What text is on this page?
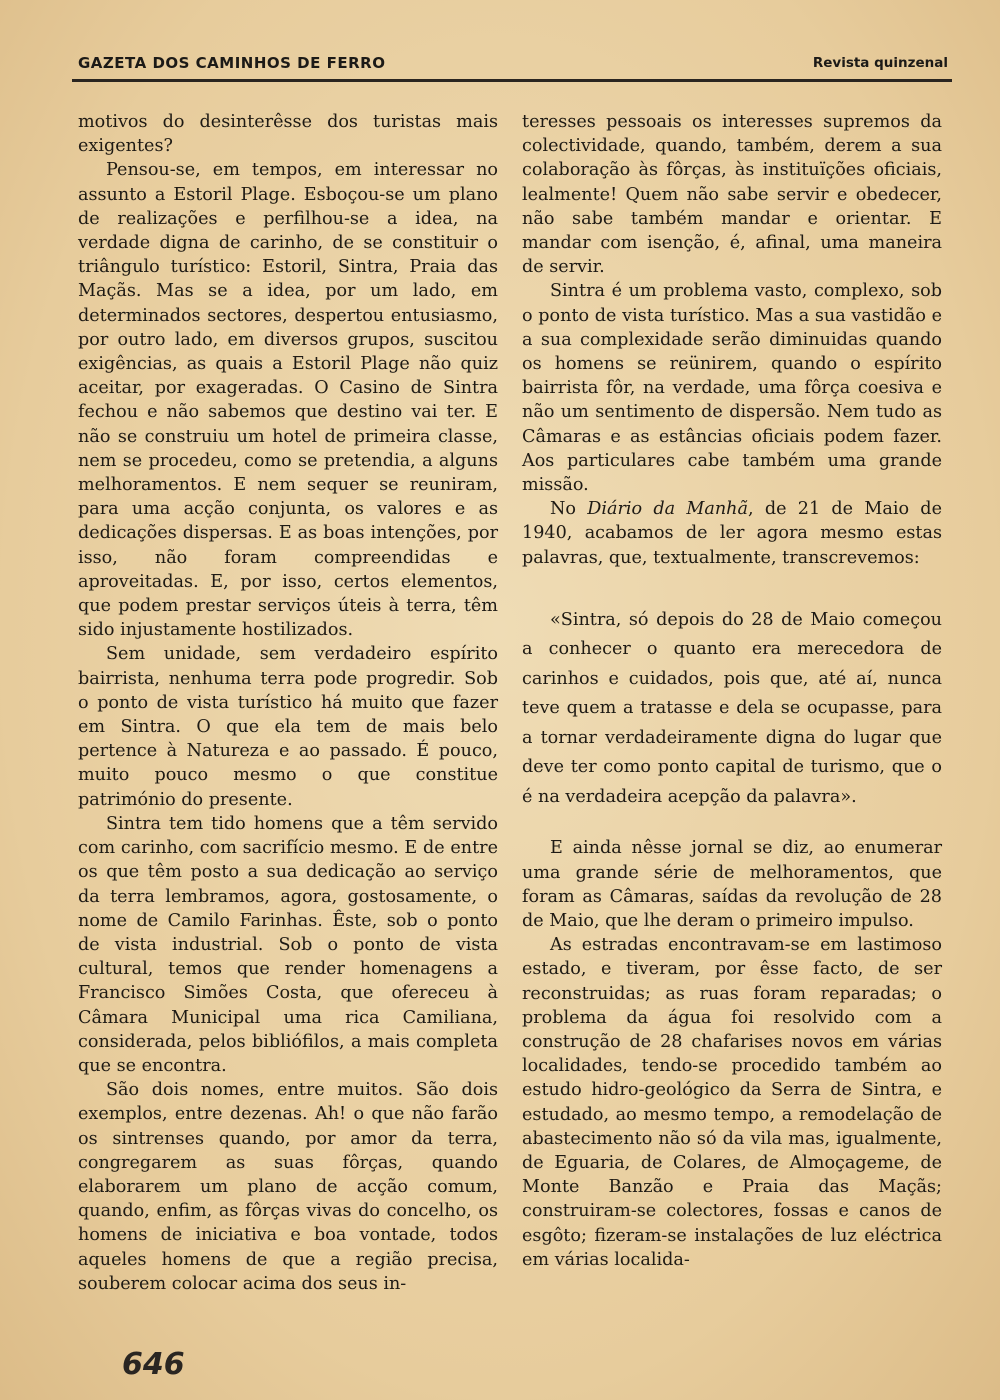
GAZETA DOS CAMINHOS DE FERRO	Revista quinzenal

motivos do desinterêsse dos turistas mais exigentes?

Pensou-se, em tempos, em interessar no assunto a Estoril Plage. Esboçou-se um plano de realizações e perfilhou-se a idea, na verdade digna de carinho, de se constituir o triângulo turístico: Estoril, Sintra, Praia das Maçãs. Mas se a idea, por um lado, em determinados sectores, despertou entusiasmo, por outro lado, em diversos grupos, suscitou exigências, as quais a Estoril Plage não quiz aceitar, por exageradas. O Casino de Sintra fechou e não sabemos que destino vai ter. E não se construiu um hotel de primeira classe, nem se procedeu, como se pretendia, a alguns melhoramentos. E nem sequer se reuniram, para uma acção conjunta, os valores e as dedicações dispersas. E as boas intenções, por isso, não foram compreendidas e aproveitadas. E, por isso, certos elementos, que podem prestar serviços úteis à terra, têm sido injustamente hostilizados.

Sem unidade, sem verdadeiro espírito bairrista, nenhuma terra pode progredir. Sob o ponto de vista turístico há muito que fazer em Sintra. O que ela tem de mais belo pertence à Natureza e ao passado. É pouco, muito pouco mesmo o que constitue património do presente.

Sintra tem tido homens que a têm servido com carinho, com sacrifício mesmo. E de entre os que têm posto a sua dedicação ao serviço da terra lembramos, agora, gostosamente, o nome de Camilo Farinhas. Êste, sob o ponto de vista industrial. Sob o ponto de vista cultural, temos que render homenagens a Francisco Simões Costa, que ofereceu à Câmara Municipal uma rica Camiliana, considerada, pelos bibliófilos, a mais completa que se encontra.

São dois nomes, entre muitos. São dois exemplos, entre dezenas. Ah! o que não farão os sintrenses quando, por amor da terra, congregarem as suas fôrças, quando elaborarem um plano de acção comum, quando, enfim, as fôrças vivas do concelho, os homens de iniciativa e boa vontade, todos aqueles homens de que a região precisa, souberem colocar acima dos seus in-

teresses pessoais os interesses supremos da colectividade, quando, também, derem a sua colaboração às fôrças, às instituïções oficiais, lealmente! Quem não sabe servir e obedecer, não sabe também mandar e orientar. E mandar com isenção, é, afinal, uma maneira de servir.

Sintra é um problema vasto, complexo, sob o ponto de vista turístico. Mas a sua vastidão e a sua complexidade serão diminuidas quando os homens se reünirem, quando o espírito bairrista fôr, na verdade, uma fôrça coesiva e não um sentimento de dispersão. Nem tudo as Câmaras e as estâncias oficiais podem fazer. Aos particulares cabe também uma grande missão.

No Diário da Manhã, de 21 de Maio de 1940, acabamos de ler agora mesmo estas palavras, que, textualmente, transcrevemos:

«Sintra, só depois do 28 de Maio começou a conhecer o quanto era merecedora de carinhos e cuidados, pois que, até aí, nunca teve quem a tratasse e dela se ocupasse, para a tornar verdadeiramente digna do lugar que deve ter como ponto capital de turismo, que o é na verdadeira acepção da palavra».

E ainda nêsse jornal se diz, ao enumerar uma grande série de melhoramentos, que foram as Câmaras, saídas da revolução de 28 de Maio, que lhe deram o primeiro impulso.

As estradas encontravam-se em lastimoso estado, e tiveram, por êsse facto, de ser reconstruidas; as ruas foram reparadas; o problema da água foi resolvido com a construção de 28 chafarises novos em várias localidades, tendo-se procedido também ao estudo hidro-geológico da Serra de Sintra, e estudado, ao mesmo tempo, a remodelação de abastecimento não só da vila mas, igualmente, de Eguaria, de Colares, de Almoçageme, de Monte Banzão e Praia das Maçãs; construiram-se colectores, fossas e canos de esgôto; fizeram-se instalações de luz eléctrica em várias localida-

646
